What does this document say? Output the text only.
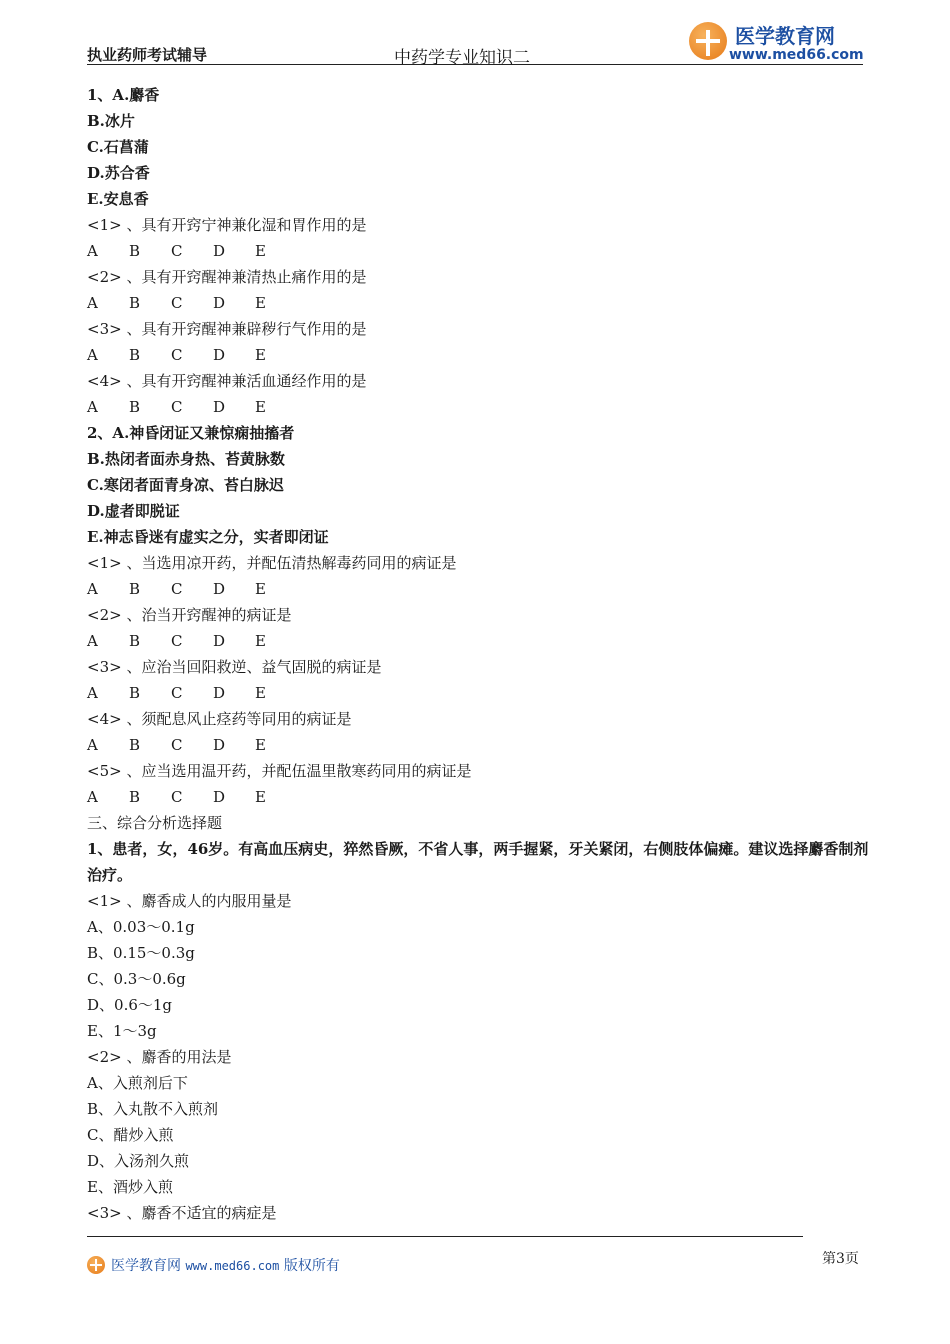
执业药师考试辅导	中药学专业知识二
医学教育网
www.med66.com
1、A.麝香
B.冰片
C.石菖蒲
D.苏合香
E.安息香
<1> 、具有开窍宁神兼化湿和胃作用的是
A B C D E
<2> 、具有开窍醒神兼清热止痛作用的是
A B C D E
<3> 、具有开窍醒神兼辟秽行气作用的是
A B C D E
<4> 、具有开窍醒神兼活血通经作用的是
A B C D E
2、A.神昏闭证又兼惊痫抽搐者
B.热闭者面赤身热、苔黄脉数
C.寒闭者面青身凉、苔白脉迟
D.虚者即脱证
E.神志昏迷有虚实之分，实者即闭证
<1> 、当选用凉开药，并配伍清热解毒药同用的病证是
A B C D E
<2> 、治当开窍醒神的病证是
A B C D E
<3> 、应治当回阳救逆、益气固脱的病证是
A B C D E
<4> 、须配息风止痉药等同用的病证是
A B C D E
<5> 、应当选用温开药，并配伍温里散寒药同用的病证是
A B C D E
三、综合分析选择题
1、患者，女，46岁。有高血压病史，猝然昏厥，不省人事，两手握紧，牙关紧闭，右侧肢体偏瘫。建议选择麝香制剂治疗。
<1> 、麝香成人的内服用量是
A、0.03～0.1g
B、0.15～0.3g
C、0.3～0.6g
D、0.6～1g
E、1～3g
<2> 、麝香的用法是
A、入煎剂后下
B、入丸散不入煎剂
C、醋炒入煎
D、入汤剂久煎
E、酒炒入煎
<3> 、麝香不适宜的病症是
医学教育网 www.med66.com 版权所有	第3页
